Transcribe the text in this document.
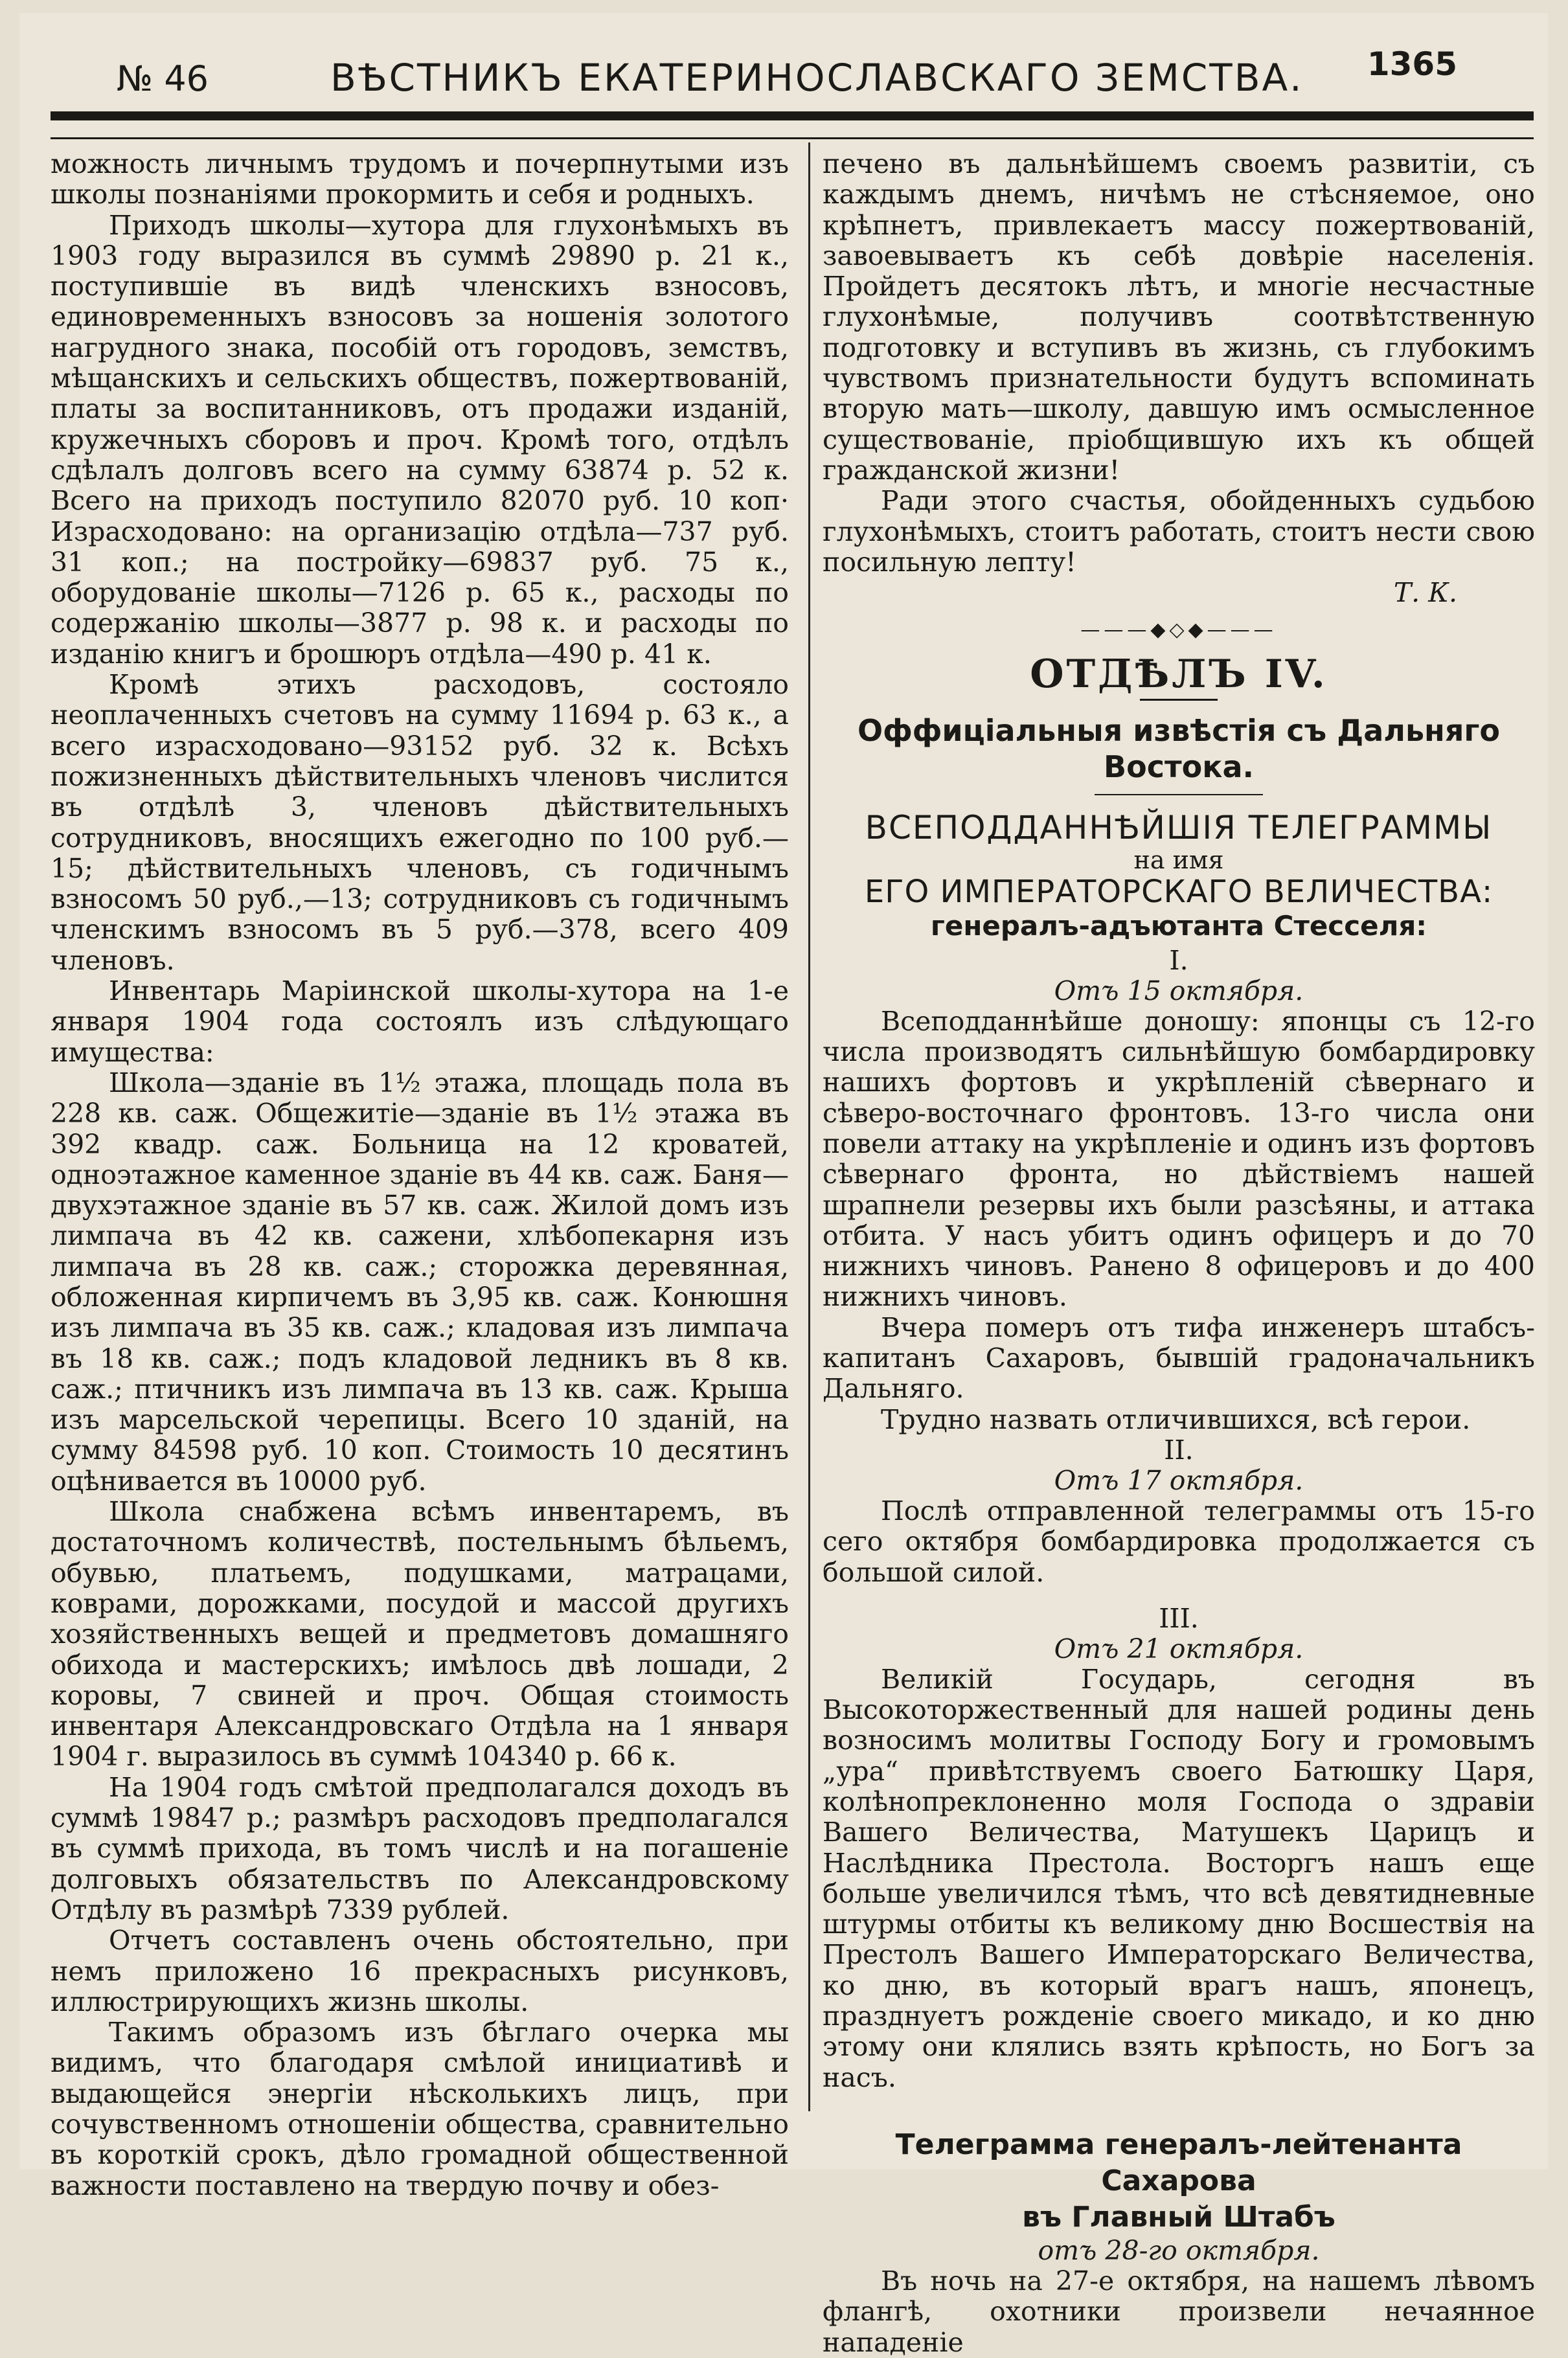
№ 46	ВѢСТНИКЪ ЕКАТЕРИНОСЛАВСКАГО ЗЕМСТВА. 1365

можность личнымъ трудомъ и почерпнутыми изъ школы познаніями прокормить и себя и родныхъ.

Приходъ школы—хутора для глухонѣмыхъ въ 1903 году выразился въ суммѣ 29890 р. 21 к., поступившіе въ видѣ членскихъ взносовъ, единовременныхъ взносовъ за ношенія золотого нагрудного знака, пособій отъ городовъ, земствъ, мѣщанскихъ и сельскихъ обществъ, пожертвованій, платы за воспитанниковъ, отъ продажи изданій, кружечныхъ сборовъ и проч. Кромѣ того, отдѣлъ сдѣлалъ долговъ всего на сумму 63874 р. 52 к. Всего на приходъ поступило 82070 руб. 10 коп· Израсходовано: на организацію отдѣла—737 руб. 31 коп.; на постройку—69837 руб. 75 к., оборудованіе школы—7126 р. 65 к., расходы по содержанію школы—3877 р. 98 к. и расходы по изданію книгъ и брошюръ отдѣла—490 р. 41 к.

Кромѣ этихъ расходовъ, состояло неоплаченныхъ счетовъ на сумму 11694 р. 63 к., а всего израсходовано—93152 руб. 32 к. Всѣхъ пожизненныхъ дѣйствительныхъ членовъ числится въ отдѣлѣ 3, членовъ дѣйствительныхъ сотрудниковъ, вносящихъ ежегодно по 100 руб.—15; дѣйствительныхъ членовъ, съ годичнымъ взносомъ 50 руб.,—13; сотрудниковъ съ годичнымъ членскимъ взносомъ въ 5 руб.—378, всего 409 членовъ.

Инвентарь Маріинской школы-хутора на 1-е января 1904 года состоялъ изъ слѣдующаго имущества:

Школа—зданіе въ 1½ этажа, площадь пола въ 228 кв. саж. Общежитіе—зданіе въ 1½ этажа въ 392 квадр. саж. Больница на 12 кроватей, одноэтажное каменное зданіе въ 44 кв. саж. Баня—двухэтажное зданіе въ 57 кв. саж. Жилой домъ изъ лимпача въ 42 кв. сажени, хлѣбопекарня изъ лимпача въ 28 кв. саж.; сторожка деревянная, обложенная кирпичемъ въ 3,95 кв. саж. Конюшня изъ лимпача въ 35 кв. саж.; кладовая изъ лимпача въ 18 кв. саж.; подъ кладовой ледникъ въ 8 кв. саж.; птичникъ изъ лимпача въ 13 кв. саж. Крыша изъ марсельской черепицы. Всего 10 зданій, на сумму 84598 руб. 10 коп. Стоимость 10 десятинъ оцѣнивается въ 10000 руб.

Школа снабжена всѣмъ инвентаремъ, въ достаточномъ количествѣ, постельнымъ бѣльемъ, обувью, платьемъ, подушками, матрацами, коврами, дорожками, посудой и массой другихъ хозяйственныхъ вещей и предметовъ домашняго обихода и мастерскихъ; имѣлось двѣ лошади, 2 коровы, 7 свиней и проч. Общая стоимость инвентаря Александровскаго Отдѣла на 1 января 1904 г. выразилось въ суммѣ 104340 р. 66 к.

На 1904 годъ смѣтой предполагался доходъ въ суммѣ 19847 р.; размѣръ расходовъ предполагался въ суммѣ прихода, въ томъ числѣ и на погашеніе долговыхъ обязательствъ по Александровскому Отдѣлу въ размѣрѣ 7339 рублей.

Отчетъ составленъ очень обстоятельно, при немъ приложено 16 прекрасныхъ рисунковъ, иллюстрирующихъ жизнь школы.

Такимъ образомъ изъ бѣглаго очерка мы видимъ, что благодаря смѣлой инициативѣ и выдающейся энергіи нѣсколькихъ лицъ, при сочувственномъ отношеніи общества, сравнительно въ короткій срокъ, дѣло громадной общественной важности поставлено на твердую почву и обез-

печено въ дальнѣйшемъ своемъ развитіи, съ каждымъ днемъ, ничѣмъ не стѣсняемое, оно крѣпнетъ, привлекаетъ массу пожертвованій, завоевываетъ къ себѣ довѣріе населенія. Пройдетъ десятокъ лѣтъ, и многіе несчастные глухонѣмые, получивъ соотвѣтственную подготовку и вступивъ въ жизнь, съ глубокимъ чувствомъ признательности будутъ вспоминать вторую мать—школу, давшую имъ осмысленное существованіе, пріобщившую ихъ къ общей гражданской жизни!

Ради этого счастья, обойденныхъ судьбою глухонѣмыхъ, стоитъ работать, стоитъ нести свою посильную лепту!

Т. К.

———◆◇◆———
ОТДѢЛЪ IV.
Оффиціальныя извѣстія съ Дальняго Востока.
ВСЕПОДДАННѢЙШІЯ ТЕЛЕГРАММЫ
на имя
ЕГО ИМПЕРАТОРСКАГО ВЕЛИЧЕСТВА:
генералъ-адъютанта Стесселя:
I.
Отъ 15 октября.

Всеподданнѣйше доношу: японцы съ 12-го числа производятъ сильнѣйшую бомбардировку нашихъ фортовъ и укрѣпленій сѣвернаго и сѣверо-восточнаго фронтовъ. 13-го числа они повели аттаку на укрѣпленіе и одинъ изъ фортовъ сѣвернаго фронта, но дѣйствіемъ нашей шрапнели резервы ихъ были разсѣяны, и аттака отбита. У насъ убитъ одинъ офицеръ и до 70 нижнихъ чиновъ. Ранено 8 офицеровъ и до 400 нижнихъ чиновъ.

Вчера померъ отъ тифа инженеръ штабсъ-капитанъ Сахаровъ, бывшій градоначальникъ Дальняго.

Трудно назвать отличившихся, всѣ герои.

II.
Отъ 17 октября.

Послѣ отправленной телеграммы отъ 15-го сего октября бомбардировка продолжается съ большой силой.

III.
Отъ 21 октября.

Великій Государь, сегодня въ Высокоторжественный для нашей родины день возносимъ молитвы Господу Богу и громовымъ „ура“ привѣтствуемъ своего Батюшку Царя, колѣнопреклоненно моля Господа о здравіи Вашего Величества, Матушекъ Царицъ и Наслѣдника Престола. Восторгъ нашъ еще больше увеличился тѣмъ, что всѣ девятидневные штурмы отбиты къ великому дню Восшествія на Престолъ Вашего Императорскаго Величества, ко дню, въ который врагъ нашъ, японецъ, празднуетъ рожденіе своего микадо, и ко дню этому они клялись взять крѣпость, но Богъ за насъ.

Телеграмма генералъ-лейтенанта Сахарова
въ Главный Штабъ
отъ 28-го октября.

Въ ночь на 27-е октября, на нашемъ лѣвомъ флангѣ, охотники произвели нечаянное нападеніе
